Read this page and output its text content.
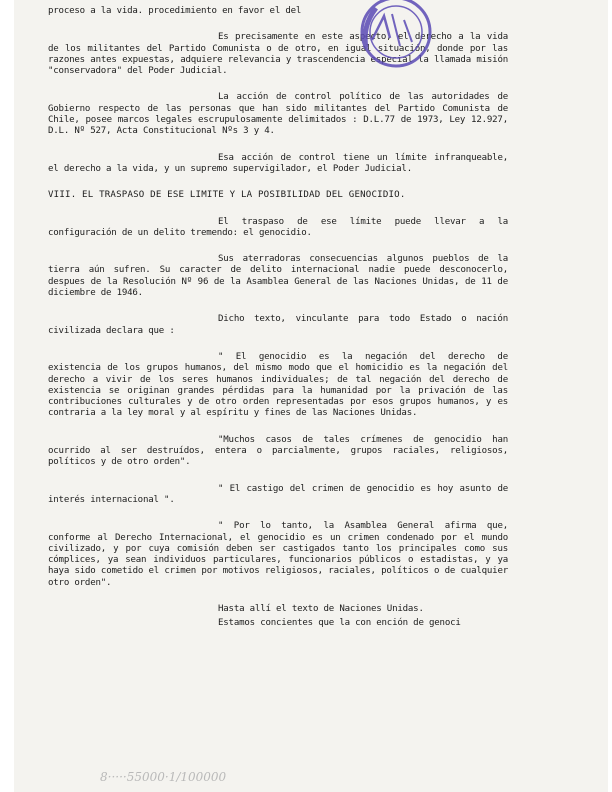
proceso a la vida. procedimiento en favor el del

Es precisamente en este aspecto, el derecho a la vida de los militantes del Partido Comunista o de otro, en igual situación, donde por las razones antes expuestas, adquiere relevancia y trascendencia especial la llamada misión "conservadora" del Poder Judicial.

La acción de control político de las autoridades de Gobierno respecto de las personas que han sido militantes del Partido Comunista de Chile, posee marcos legales escrupulosamente delimitados : D.L.77 de 1973, Ley 12.927, D.L. Nº 527, Acta Constitucional Nºs 3 y 4.

Esa acción de control tiene un límite infranqueable, el derecho a la vida, y un supremo supervigilador, el Poder Judicial.

VIII. EL TRASPASO DE ESE LIMITE Y LA POSIBILIDAD DEL GENOCIDIO.

El traspaso de ese límite puede llevar a la configuración de un delito tremendo: el genocidio.

Sus aterradoras consecuencias algunos pueblos de la tierra aún sufren. Su caracter de delito internacional nadie puede desconocerlo, despues de la Resolución Nº 96 de la Asamblea General de las Naciones Unidas, de 11 de diciembre de 1946.

Dicho texto, vinculante para todo Estado o nación civilizada declara que :

" El genocidio es la negación del derecho de existencia de los grupos humanos, del mismo modo que el homicidio es la negación del derecho a vivir de los seres humanos individuales; de tal negación del derecho de existencia se originan grandes pérdidas para la humanidad por la privación de las contribuciones culturales y de otro orden representadas por esos grupos humanos, y es contraria a la ley moral y al espíritu y fines de las Naciones Unidas.

"Muchos casos de tales crímenes de genocidio han ocurrido al ser destruídos, entera o parcialmente, grupos raciales, religiosos, políticos y de otro orden".

" El castigo del crimen de genocidio es hoy asunto de interés internacional ".

" Por lo tanto, la Asamblea General afirma que, conforme al Derecho Internacional, el genocidio es un crimen condenado por el mundo civilizado, y por cuya comisión deben ser castigados tanto los principales como sus cómplices, ya sean individuos particulares, funcionarios públicos o estadistas, y ya haya sido cometido el crimen por motivos religiosos, raciales, políticos o de cualquier otro orden".

Hasta allí el texto de Naciones Unidas.

Estamos concientes que la con ención de genoci

8·····55000·1/100000
